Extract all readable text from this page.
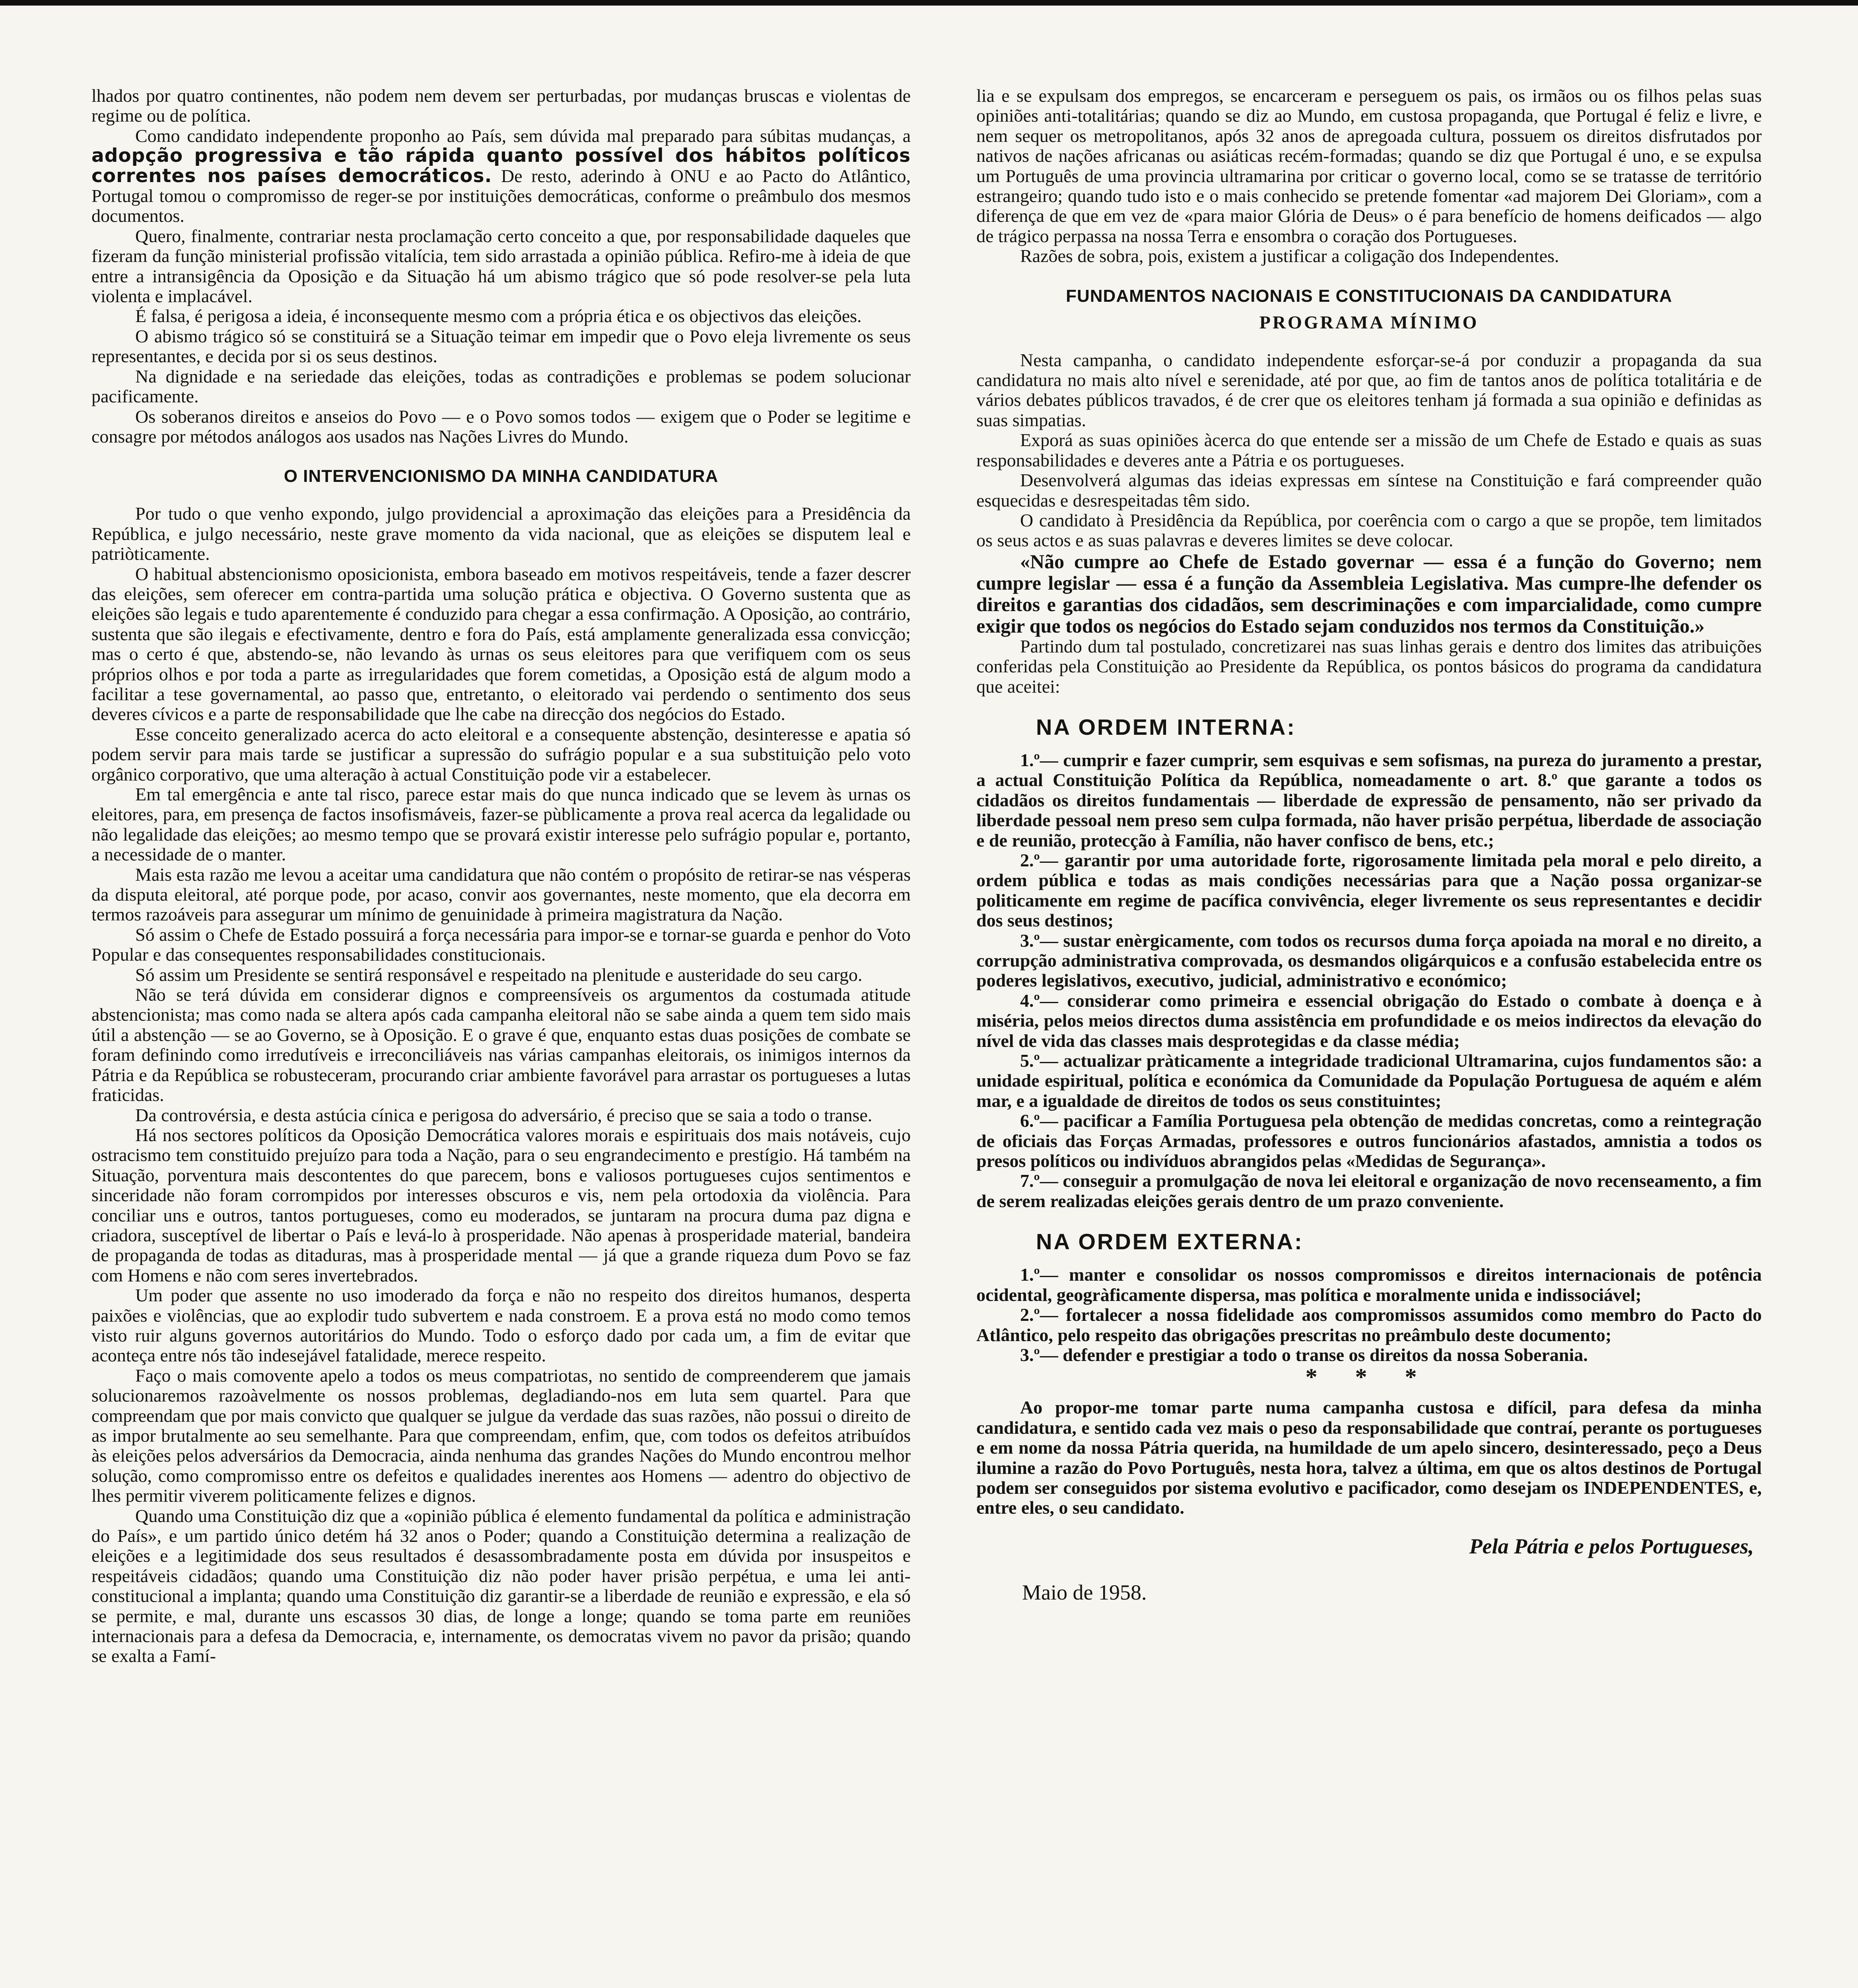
lhados por quatro continentes, não podem nem devem ser perturbadas, por mudanças bruscas e violentas de regime ou de política.

Como candidato independente proponho ao País, sem dúvida mal preparado para súbitas mudanças, a adopção progressiva e tão rápida quanto possível dos hábitos políticos correntes nos países democráticos. De resto, aderindo à ONU e ao Pacto do Atlântico, Portugal tomou o compromisso de reger-se por instituições democráticas, conforme o preâmbulo dos mesmos documentos.

Quero, finalmente, contrariar nesta proclamação certo conceito a que, por responsabilidade daqueles que fizeram da função ministerial profissão vitalícia, tem sido arrastada a opinião pública. Refiro-me à ideia de que entre a intransigência da Oposição e da Situação há um abismo trágico que só pode resolver-se pela luta violenta e implacável.

É falsa, é perigosa a ideia, é inconsequente mesmo com a própria ética e os objectivos das eleições.

O abismo trágico só se constituirá se a Situação teimar em impedir que o Povo eleja livremente os seus representantes, e decida por si os seus destinos.

Na dignidade e na seriedade das eleições, todas as contradições e problemas se podem solucionar pacificamente.

Os soberanos direitos e anseios do Povo — e o Povo somos todos — exigem que o Poder se legitime e consagre por métodos análogos aos usados nas Nações Livres do Mundo.

O INTERVENCIONISMO DA MINHA CANDIDATURA

Por tudo o que venho expondo, julgo providencial a aproximação das eleições para a Presidência da República, e julgo necessário, neste grave momento da vida nacional, que as eleições se disputem leal e patriòticamente.

O habitual abstencionismo oposicionista, embora baseado em motivos respeitáveis, tende a fazer descrer das eleições, sem oferecer em contra-partida uma solução prática e objectiva. O Governo sustenta que as eleições são legais e tudo aparentemente é conduzido para chegar a essa confirmação. A Oposição, ao contrário, sustenta que são ilegais e efectivamente, dentro e fora do País, está amplamente generalizada essa convicção; mas o certo é que, abstendo-se, não levando às urnas os seus eleitores para que verifiquem com os seus próprios olhos e por toda a parte as irregularidades que forem cometidas, a Oposição está de algum modo a facilitar a tese governamental, ao passo que, entretanto, o eleitorado vai perdendo o sentimento dos seus deveres cívicos e a parte de responsabilidade que lhe cabe na direcção dos negócios do Estado.

Esse conceito generalizado acerca do acto eleitoral e a consequente abstenção, desinteresse e apatia só podem servir para mais tarde se justificar a supressão do sufrágio popular e a sua substituição pelo voto orgânico corporativo, que uma alteração à actual Constituição pode vir a estabelecer.

Em tal emergência e ante tal risco, parece estar mais do que nunca indicado que se levem às urnas os eleitores, para, em presença de factos insofismáveis, fazer-se pùblicamente a prova real acerca da legalidade ou não legalidade das eleições; ao mesmo tempo que se provará existir interesse pelo sufrágio popular e, portanto, a necessidade de o manter.

Mais esta razão me levou a aceitar uma candidatura que não contém o propósito de retirar-se nas vésperas da disputa eleitoral, até porque pode, por acaso, convir aos governantes, neste momento, que ela decorra em termos razoáveis para assegurar um mínimo de genuinidade à primeira magistratura da Nação.

Só assim o Chefe de Estado possuirá a força necessária para impor-se e tornar-se guarda e penhor do Voto Popular e das consequentes responsabilidades constitucionais.

Só assim um Presidente se sentirá responsável e respeitado na plenitude e austeridade do seu cargo.

Não se terá dúvida em considerar dignos e compreensíveis os argumentos da costumada atitude abstencionista; mas como nada se altera após cada campanha eleitoral não se sabe ainda a quem tem sido mais útil a abstenção — se ao Governo, se à Oposição. E o grave é que, enquanto estas duas posições de combate se foram definindo como irredutíveis e irreconciliáveis nas várias campanhas eleitorais, os inimigos internos da Pátria e da República se robusteceram, procurando criar ambiente favorável para arrastar os portugueses a lutas fraticidas.

Da controvérsia, e desta astúcia cínica e perigosa do adversário, é preciso que se saia a todo o transe.

Há nos sectores políticos da Oposição Democrática valores morais e espirituais dos mais notáveis, cujo ostracismo tem constituido prejuízo para toda a Nação, para o seu engrandecimento e prestígio. Há também na Situação, porventura mais descontentes do que parecem, bons e valiosos portugueses cujos sentimentos e sinceridade não foram corrompidos por interesses obscuros e vis, nem pela ortodoxia da violência. Para conciliar uns e outros, tantos portugueses, como eu moderados, se juntaram na procura duma paz digna e criadora, susceptível de libertar o País e levá-lo à prosperidade. Não apenas à prosperidade material, bandeira de propaganda de todas as ditaduras, mas à prosperidade mental — já que a grande riqueza dum Povo se faz com Homens e não com seres invertebrados.

Um poder que assente no uso imoderado da força e não no respeito dos direitos humanos, desperta paixões e violências, que ao explodir tudo subvertem e nada constroem. E a prova está no modo como temos visto ruir alguns governos autoritários do Mundo. Todo o esforço dado por cada um, a fim de evitar que aconteça entre nós tão indesejável fatalidade, merece respeito.

Faço o mais comovente apelo a todos os meus compatriotas, no sentido de compreenderem que jamais solucionaremos razoàvelmente os nossos problemas, degladiando-nos em luta sem quartel. Para que compreendam que por mais convicto que qualquer se julgue da verdade das suas razões, não possui o direito de as impor brutalmente ao seu semelhante. Para que compreendam, enfim, que, com todos os defeitos atribuídos às eleições pelos adversários da Democracia, ainda nenhuma das grandes Nações do Mundo encontrou melhor solução, como compromisso entre os defeitos e qualidades inerentes aos Homens — adentro do objectivo de lhes permitir viverem politicamente felizes e dignos.

Quando uma Constituição diz que a «opinião pública é elemento fundamental da política e administração do País», e um partido único detém há 32 anos o Poder; quando a Constituição determina a realização de eleições e a legitimidade dos seus resultados é desassombradamente posta em dúvida por insuspeitos e respeitáveis cidadãos; quando uma Constituição diz não poder haver prisão perpétua, e uma lei anti-constitucional a implanta; quando uma Constituição diz garantir-se a liberdade de reunião e expressão, e ela só se permite, e mal, durante uns escassos 30 dias, de longe a longe; quando se toma parte em reuniões internacionais para a defesa da Democracia, e, internamente, os democratas vivem no pavor da prisão; quando se exalta a Famí-

lia e se expulsam dos empregos, se encarceram e perseguem os pais, os irmãos ou os filhos pelas suas opiniões anti-totalitárias; quando se diz ao Mundo, em custosa propaganda, que Portugal é feliz e livre, e nem sequer os metropolitanos, após 32 anos de apregoada cultura, possuem os direitos disfrutados por nativos de nações africanas ou asiáticas recém-formadas; quando se diz que Portugal é uno, e se expulsa um Português de uma provincia ultramarina por criticar o governo local, como se se tratasse de território estrangeiro; quando tudo isto e o mais conhecido se pretende fomentar «ad majorem Dei Gloriam», com a diferença de que em vez de «para maior Glória de Deus» o é para benefício de homens deificados — algo de trágico perpassa na nossa Terra e ensombra o coração dos Portugueses.

Razões de sobra, pois, existem a justificar a coligação dos Independentes.

FUNDAMENTOS NACIONAIS E CONSTITUCIONAIS DA CANDIDATURA
PROGRAMA MÍNIMO

Nesta campanha, o candidato independente esforçar-se-á por conduzir a propaganda da sua candidatura no mais alto nível e serenidade, até por que, ao fim de tantos anos de política totalitária e de vários debates públicos travados, é de crer que os eleitores tenham já formada a sua opinião e definidas as suas simpatias.

Exporá as suas opiniões àcerca do que entende ser a missão de um Chefe de Estado e quais as suas responsabilidades e deveres ante a Pátria e os portugueses.

Desenvolverá algumas das ideias expressas em síntese na Constituição e fará compreender quão esquecidas e desrespeitadas têm sido.

O candidato à Presidência da República, por coerência com o cargo a que se propõe, tem limitados os seus actos e as suas palavras e deveres limites se deve colocar.

«Não cumpre ao Chefe de Estado governar — essa é a função do Governo; nem cumpre legislar — essa é a função da Assembleia Legislativa. Mas cumpre-lhe defender os direitos e garantias dos cidadãos, sem descriminações e com imparcialidade, como cumpre exigir que todos os negócios do Estado sejam conduzidos nos termos da Constituição.»

Partindo dum tal postulado, concretizarei nas suas linhas gerais e dentro dos limites das atribuições conferidas pela Constituição ao Presidente da República, os pontos básicos do programa da candidatura que aceitei:

NA ORDEM INTERNA:

1.º— cumprir e fazer cumprir, sem esquivas e sem sofismas, na pureza do juramento a prestar, a actual Constituição Política da República, nomeadamente o art. 8.º que garante a todos os cidadãos os direitos fundamentais — liberdade de expressão de pensamento, não ser privado da liberdade pessoal nem preso sem culpa formada, não haver prisão perpétua, liberdade de associação e de reunião, protecção à Família, não haver confisco de bens, etc.;

2.º— garantir por uma autoridade forte, rigorosamente limitada pela moral e pelo direito, a ordem pública e todas as mais condições necessárias para que a Nação possa organizar-se politicamente em regime de pacífica convivência, eleger livremente os seus representantes e decidir dos seus destinos;

3.º— sustar enèrgicamente, com todos os recursos duma força apoiada na moral e no direito, a corrupção administrativa comprovada, os desmandos oligárquicos e a confusão estabelecida entre os poderes legislativos, executivo, judicial, administrativo e económico;

4.º— considerar como primeira e essencial obrigação do Estado o combate à doença e à miséria, pelos meios directos duma assistência em profundidade e os meios indirectos da elevação do nível de vida das classes mais desprotegidas e da classe média;

5.º— actualizar pràticamente a integridade tradicional Ultramarina, cujos fundamentos são: a unidade espiritual, política e económica da Comunidade da População Portuguesa de aquém e além mar, e a igualdade de direitos de todos os seus constituintes;

6.º— pacificar a Família Portuguesa pela obtenção de medidas concretas, como a reintegração de oficiais das Forças Armadas, professores e outros funcionários afastados, amnistia a todos os presos políticos ou indivíduos abrangidos pelas «Medidas de Segurança».

7.º— conseguir a promulgação de nova lei eleitoral e organização de novo recenseamento, a fim de serem realizadas eleições gerais dentro de um prazo conveniente.

NA ORDEM EXTERNA:

1.º— manter e consolidar os nossos compromissos e direitos internacionais de potência ocidental, geogràficamente dispersa, mas política e moralmente unida e indissociável;

2.º— fortalecer a nossa fidelidade aos compromissos assumidos como membro do Pacto do Atlântico, pelo respeito das obrigações prescritas no preâmbulo deste documento;

3.º— defender e prestigiar a todo o transe os direitos da nossa Soberania.

* * *

Ao propor-me tomar parte numa campanha custosa e difícil, para defesa da minha candidatura, e sentido cada vez mais o peso da responsabilidade que contraí, perante os portugueses e em nome da nossa Pátria querida, na humildade de um apelo sincero, desinteressado, peço a Deus ilumine a razão do Povo Português, nesta hora, talvez a última, em que os altos destinos de Portugal podem ser conseguidos por sistema evolutivo e pacificador, como desejam os INDEPENDENTES, e, entre eles, o seu candidato.

Pela Pátria e pelos Portugueses,
Maio de 1958.
